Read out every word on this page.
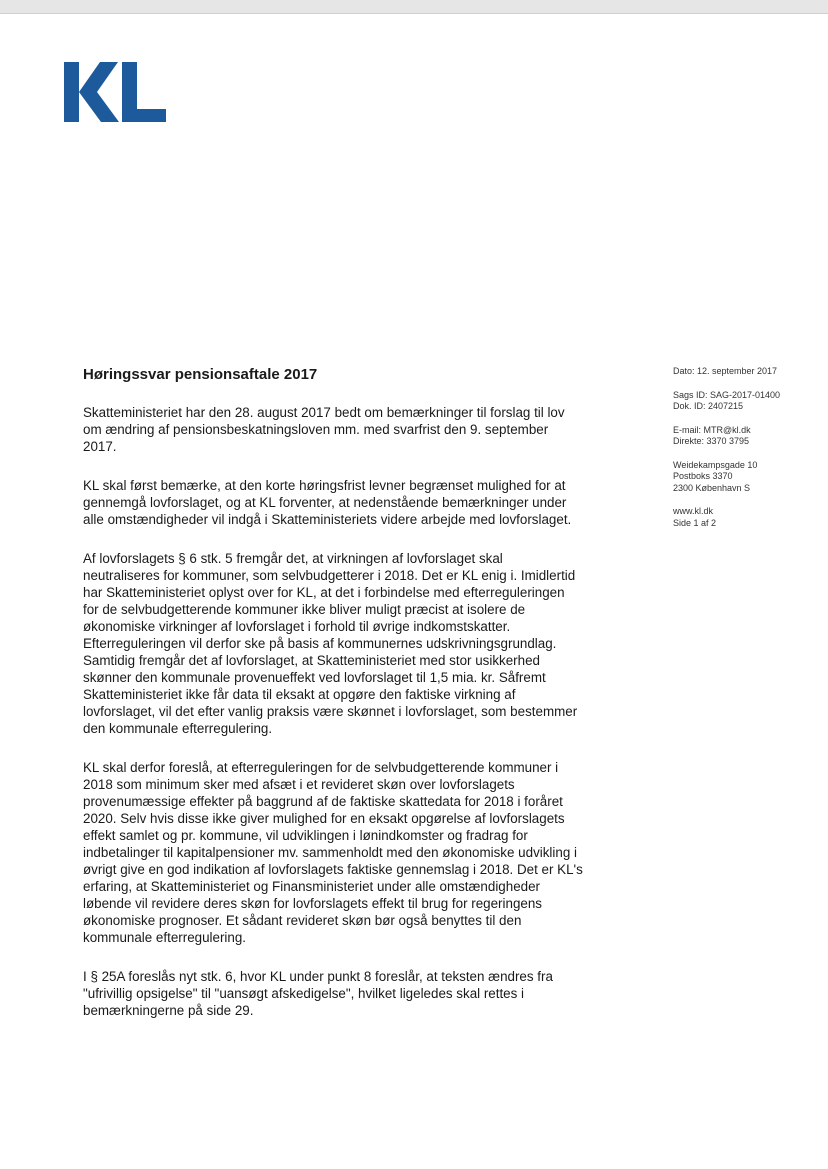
Høringssvar pensionsaftale 2017

Skatteministeriet har den 28. august 2017 bedt om bemærkninger til forslag til lov om ændring af pensionsbeskatningsloven mm. med svarfrist den 9. september 2017.

KL skal først bemærke, at den korte høringsfrist levner begrænset mulighed for at gennemgå lovforslaget, og at KL forventer, at nedenstående bemærkninger under alle omstændigheder vil indgå i Skatteministeriets videre arbejde med lovforslaget.

Af lovforslagets § 6 stk. 5 fremgår det, at virkningen af lovforslaget skal neutraliseres for kommuner, som selvbudgetterer i 2018. Det er KL enig i. Imidlertid har Skatteministeriet oplyst over for KL, at det i forbindelse med efterreguleringen for de selvbudgetterende kommuner ikke bliver muligt præcist at isolere de økonomiske virkninger af lovforslaget i forhold til øvrige indkomstskatter. Efterreguleringen vil derfor ske på basis af kommunernes udskrivningsgrundlag. Samtidig fremgår det af lovforslaget, at Skatteministeriet med stor usikkerhed skønner den kommunale provenueffekt ved lovforslaget til 1,5 mia. kr. Såfremt Skatteministeriet ikke får data til eksakt at opgøre den faktiske virkning af lovforslaget, vil det efter vanlig praksis være skønnet i lovforslaget, som bestemmer den kommunale efterregulering.

KL skal derfor foreslå, at efterreguleringen for de selvbudgetterende kommuner i 2018 som minimum sker med afsæt i et revideret skøn over lovforslagets provenumæssige effekter på baggrund af de faktiske skattedata for 2018 i foråret 2020. Selv hvis disse ikke giver mulighed for en eksakt opgørelse af lovforslagets effekt samlet og pr. kommune, vil udviklingen i lønindkomster og fradrag for indbetalinger til kapitalpensioner mv. sammenholdt med den økonomiske udvikling i øvrigt give en god indikation af lovforslagets faktiske gennemslag i 2018. Det er KL's erfaring, at Skatteministeriet og Finansministeriet under alle omstændigheder løbende vil revidere deres skøn for lovforslagets effekt til brug for regeringens økonomiske prognoser. Et sådant revideret skøn bør også benyttes til den kommunale efterregulering.

I § 25A foreslås nyt stk. 6, hvor KL under punkt 8 foreslår, at teksten ændres fra "ufrivillig opsigelse" til "uansøgt afskedigelse", hvilket ligeledes skal rettes i bemærkningerne på side 29.

Dato: 12. september 2017
Sags ID: SAG-2017-01400
Dok. ID: 2407215
E-mail: MTR@kl.dk
Direkte: 3370 3795
Weidekampsgade 10
Postboks 3370
2300 København S
www.kl.dk
Side 1 af 2
